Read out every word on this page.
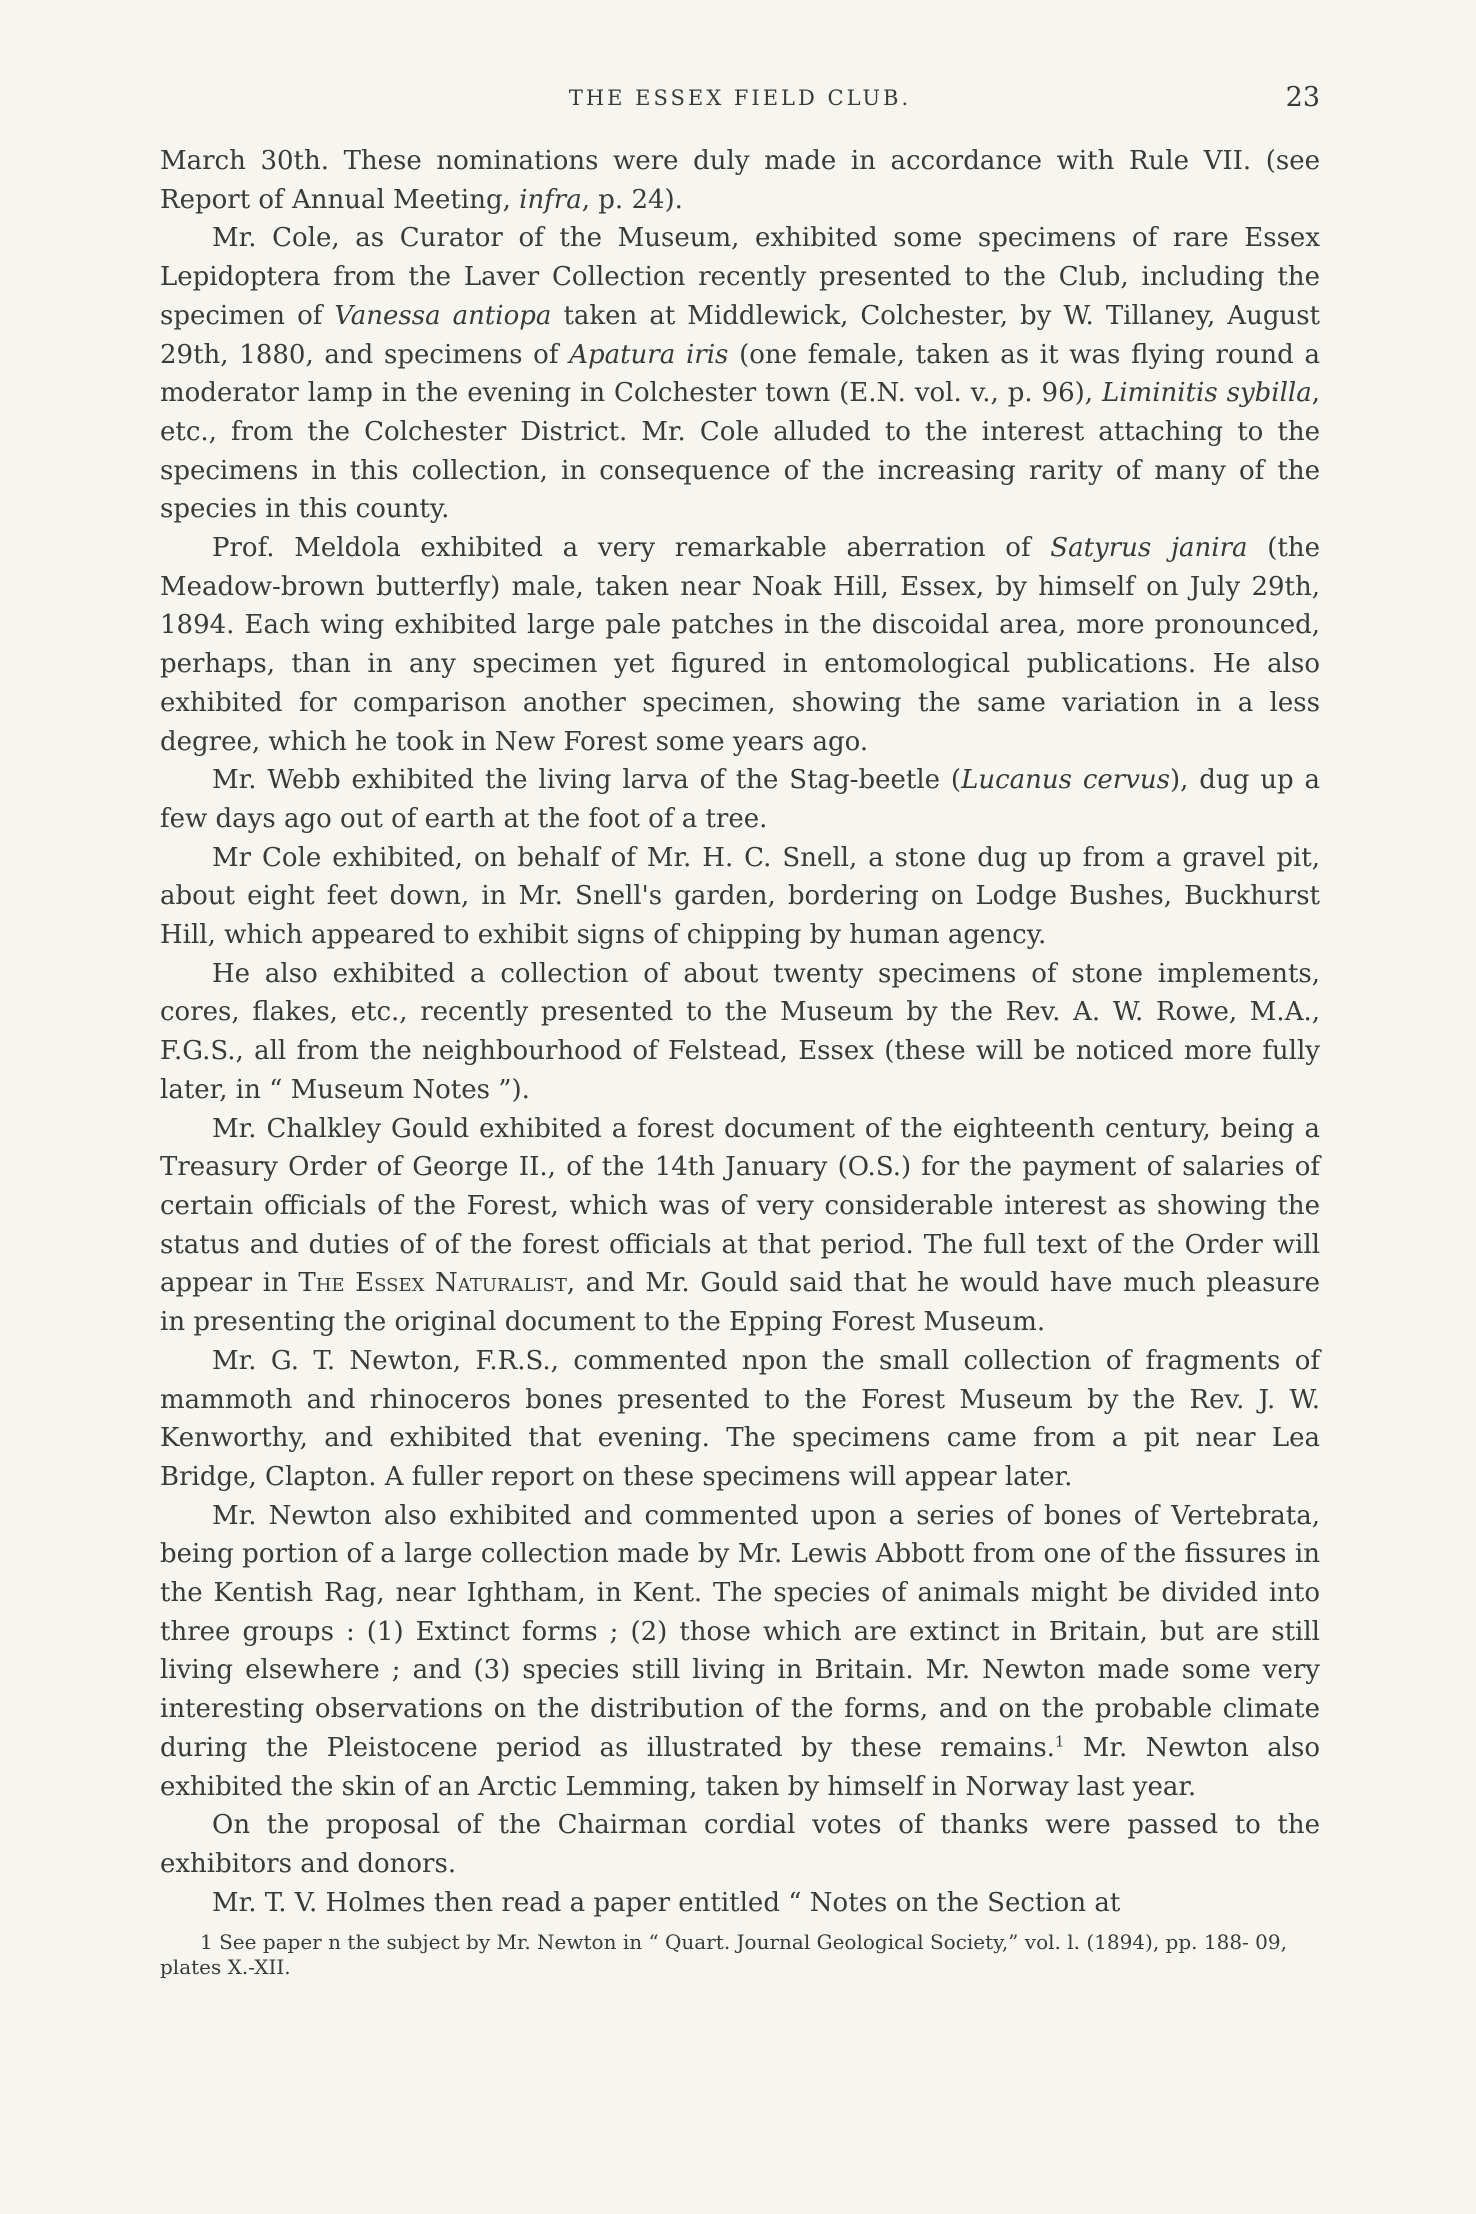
THE ESSEX FIELD CLUB.	23

March 30th. These nominations were duly made in accordance with Rule VII. (see Report of Annual Meeting, infra, p. 24).

Mr. Cole, as Curator of the Museum, exhibited some specimens of rare Essex Lepidoptera from the Laver Collection recently presented to the Club, including the specimen of Vanessa antiopa taken at Middlewick, Colchester, by W. Tillaney, August 29th, 1880, and specimens of Apatura iris (one female, taken as it was flying round a moderator lamp in the evening in Colchester town (E.N. vol. v., p. 96), Liminitis sybilla, etc., from the Colchester District. Mr. Cole alluded to the interest attaching to the specimens in this collection, in consequence of the increasing rarity of many of the species in this county.

Prof. Meldola exhibited a very remarkable aberration of Satyrus janira (the Meadow-brown butterfly) male, taken near Noak Hill, Essex, by himself on July 29th, 1894. Each wing exhibited large pale patches in the discoidal area, more pronounced, perhaps, than in any specimen yet figured in entomological publications. He also exhibited for comparison another specimen, showing the same variation in a less degree, which he took in New Forest some years ago.

Mr. Webb exhibited the living larva of the Stag-beetle (Lucanus cervus), dug up a few days ago out of earth at the foot of a tree.

Mr Cole exhibited, on behalf of Mr. H. C. Snell, a stone dug up from a gravel pit, about eight feet down, in Mr. Snell's garden, bordering on Lodge Bushes, Buckhurst Hill, which appeared to exhibit signs of chipping by human agency.

He also exhibited a collection of about twenty specimens of stone implements, cores, flakes, etc., recently presented to the Museum by the Rev. A. W. Rowe, M.A., F.G.S., all from the neighbourhood of Felstead, Essex (these will be noticed more fully later, in “ Museum Notes ”).

Mr. Chalkley Gould exhibited a forest document of the eighteenth century, being a Treasury Order of George II., of the 14th January (O.S.) for the payment of salaries of certain officials of the Forest, which was of very considerable interest as showing the status and duties of of the forest officials at that period. The full text of the Order will appear in The Essex Naturalist, and Mr. Gould said that he would have much pleasure in presenting the original document to the Epping Forest Museum.

Mr. G. T. Newton, F.R.S., commented npon the small collection of fragments of mammoth and rhinoceros bones presented to the Forest Museum by the Rev. J. W. Kenworthy, and exhibited that evening. The specimens came from a pit near Lea Bridge, Clapton. A fuller report on these specimens will appear later.

Mr. Newton also exhibited and commented upon a series of bones of Vertebrata, being portion of a large collection made by Mr. Lewis Abbott from one of the fissures in the Kentish Rag, near Ightham, in Kent. The species of animals might be divided into three groups : (1) Extinct forms ; (2) those which are extinct in Britain, but are still living elsewhere ; and (3) species still living in Britain. Mr. Newton made some very interesting observations on the distribution of the forms, and on the probable climate during the Pleistocene period as illustrated by these remains.$^1$ Mr. Newton also exhibited the skin of an Arctic Lemming, taken by himself in Norway last year.

On the proposal of the Chairman cordial votes of thanks were passed to the exhibitors and donors.

Mr. T. V. Holmes then read a paper entitled “ Notes on the Section at

1 See paper n the subject by Mr. Newton in “ Quart. Journal Geological Society,” vol. l. (1894), pp. 188- 09, plates X.-XII.
